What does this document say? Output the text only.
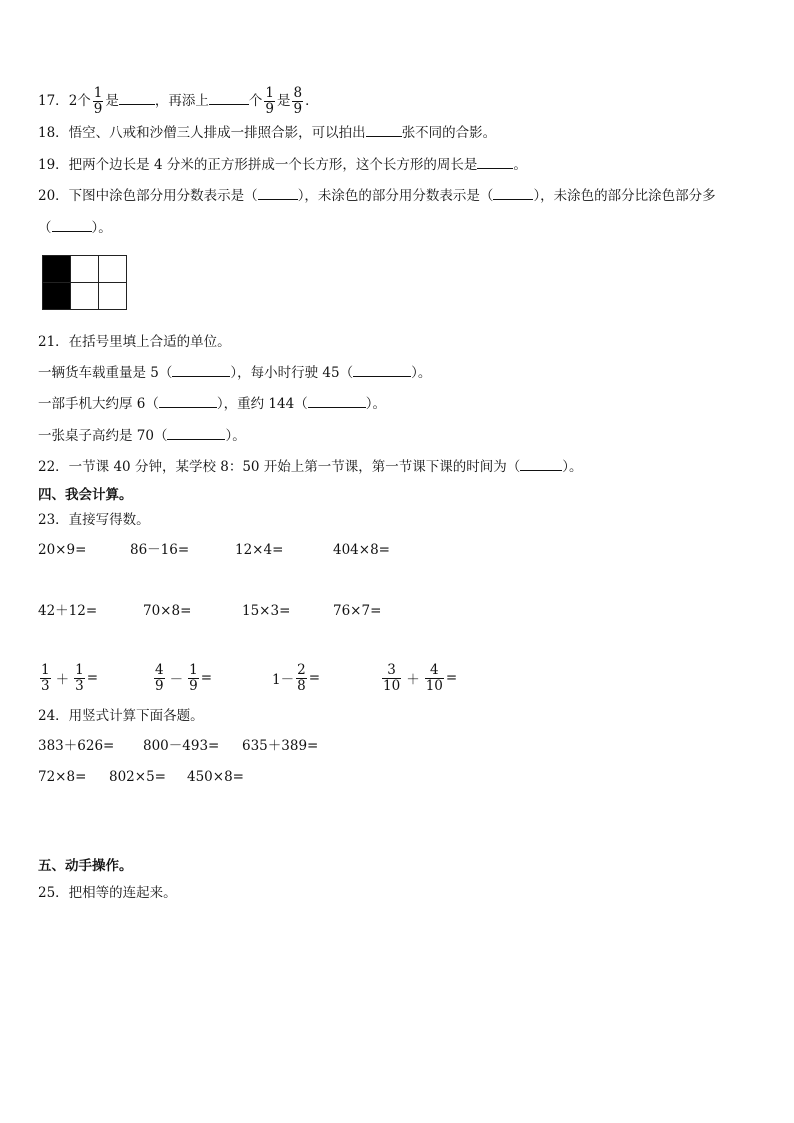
17．2个 $\frac{1}{9}$ 是	，再添上	个 $\frac{1}{9}$ 是 $\frac{8}{9}$ ．
18．悟空、八戒和沙僧三人排成一排照合影，可以拍出	张不同的合影。
19．把两个边长是 4 分米的正方形拼成一个长方形，这个长方形的周长是	。
20．下图中涂色部分用分数表示是（	），未涂色的部分用分数表示是（	），未涂色的部分比涂色部分多
（	）。

21．在括号里填上合适的单位。
一辆货车载重量是 5（	），每小时行驶 45（	）。
一部手机大约厚 6（	），重约 144（	）。
一张桌子高约是 70（	）。
22．一节课 40 分钟，某学校 8：50 开始上第一节课，第一节课下课的时间为（	）。
四、我会计算。
23．直接写得数。
20×9=	86－16=	12×4=	404×8=
42＋12=	70×8=	15×3=	76×7=
$\frac{1}{3} + \frac{1}{3}$ =	$\frac{4}{9} - \frac{1}{9}$ =	$1- \frac{2}{8}$ =	$\frac{3}{10} + \frac{4}{10}$ =
24．用竖式计算下面各题。
383＋626= 800－493= 635＋389=
72×8= 802×5= 450×8=
五、动手操作。
25．把相等的连起来。
